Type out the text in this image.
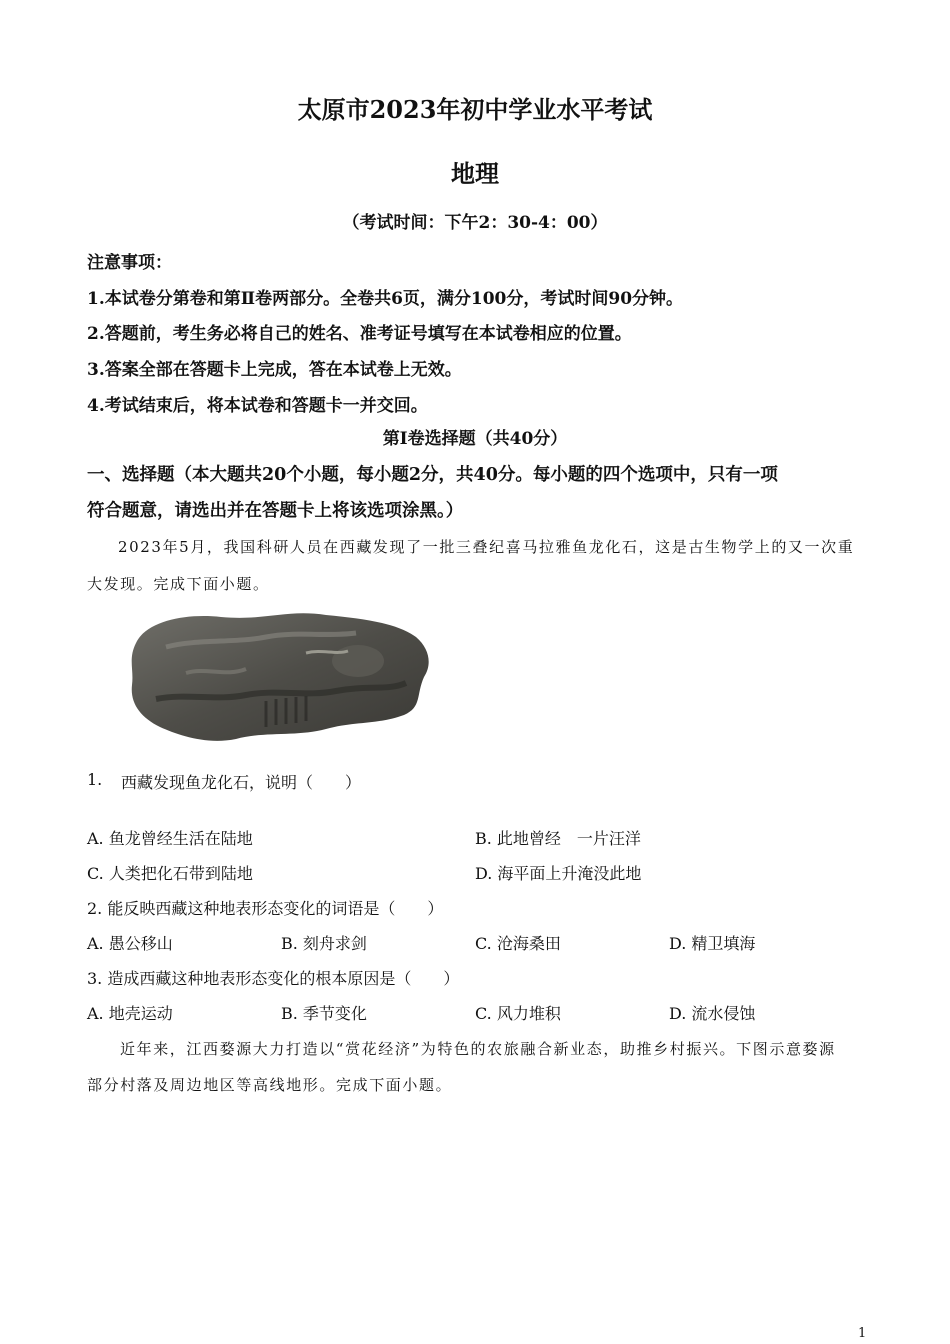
太原市2023年初中学业水平考试
地理
（考试时间：下午2：30-4：00）
注意事项：
1.本试卷分第卷和第Ⅱ卷两部分。全卷共6页，满分100分，考试时间90分钟。
2.答题前，考生务必将自己的姓名、准考证号填写在本试卷相应的位置。
3.答案全部在答题卡上完成，答在本试卷上无效。
4.考试结束后，将本试卷和答题卡一并交回。
第Ⅰ卷选择题（共40分）
一、选择题（本大题共20个小题，每小题2分，共40分。每小题的四个选项中，只有一项
符合题意，请选出并在答题卡上将该选项涂黑。）
2023年5月，我国科研人员在西藏发现了一批三叠纪喜马拉雅鱼龙化石，这是古生物学上的又一次重
大发现。完成下面小题。
1. 西藏发现鱼龙化石，说明（　　）
A. 鱼龙曾经生活在陆地	B. 此地曾经　一片汪洋
C. 人类把化石带到陆地	D. 海平面上升淹没此地
2. 能反映西藏这种地表形态变化的词语是（　　）
A. 愚公移山	B. 刻舟求剑	C. 沧海桑田	D. 精卫填海
3. 造成西藏这种地表形态变化的根本原因是（　　）
A. 地壳运动	B. 季节变化	C. 风力堆积	D. 流水侵蚀
近年来，江西婺源大力打造以“赏花经济”为特色的农旅融合新业态，助推乡村振兴。下图示意婺源
部分村落及周边地区等高线地形。完成下面小题。
1
